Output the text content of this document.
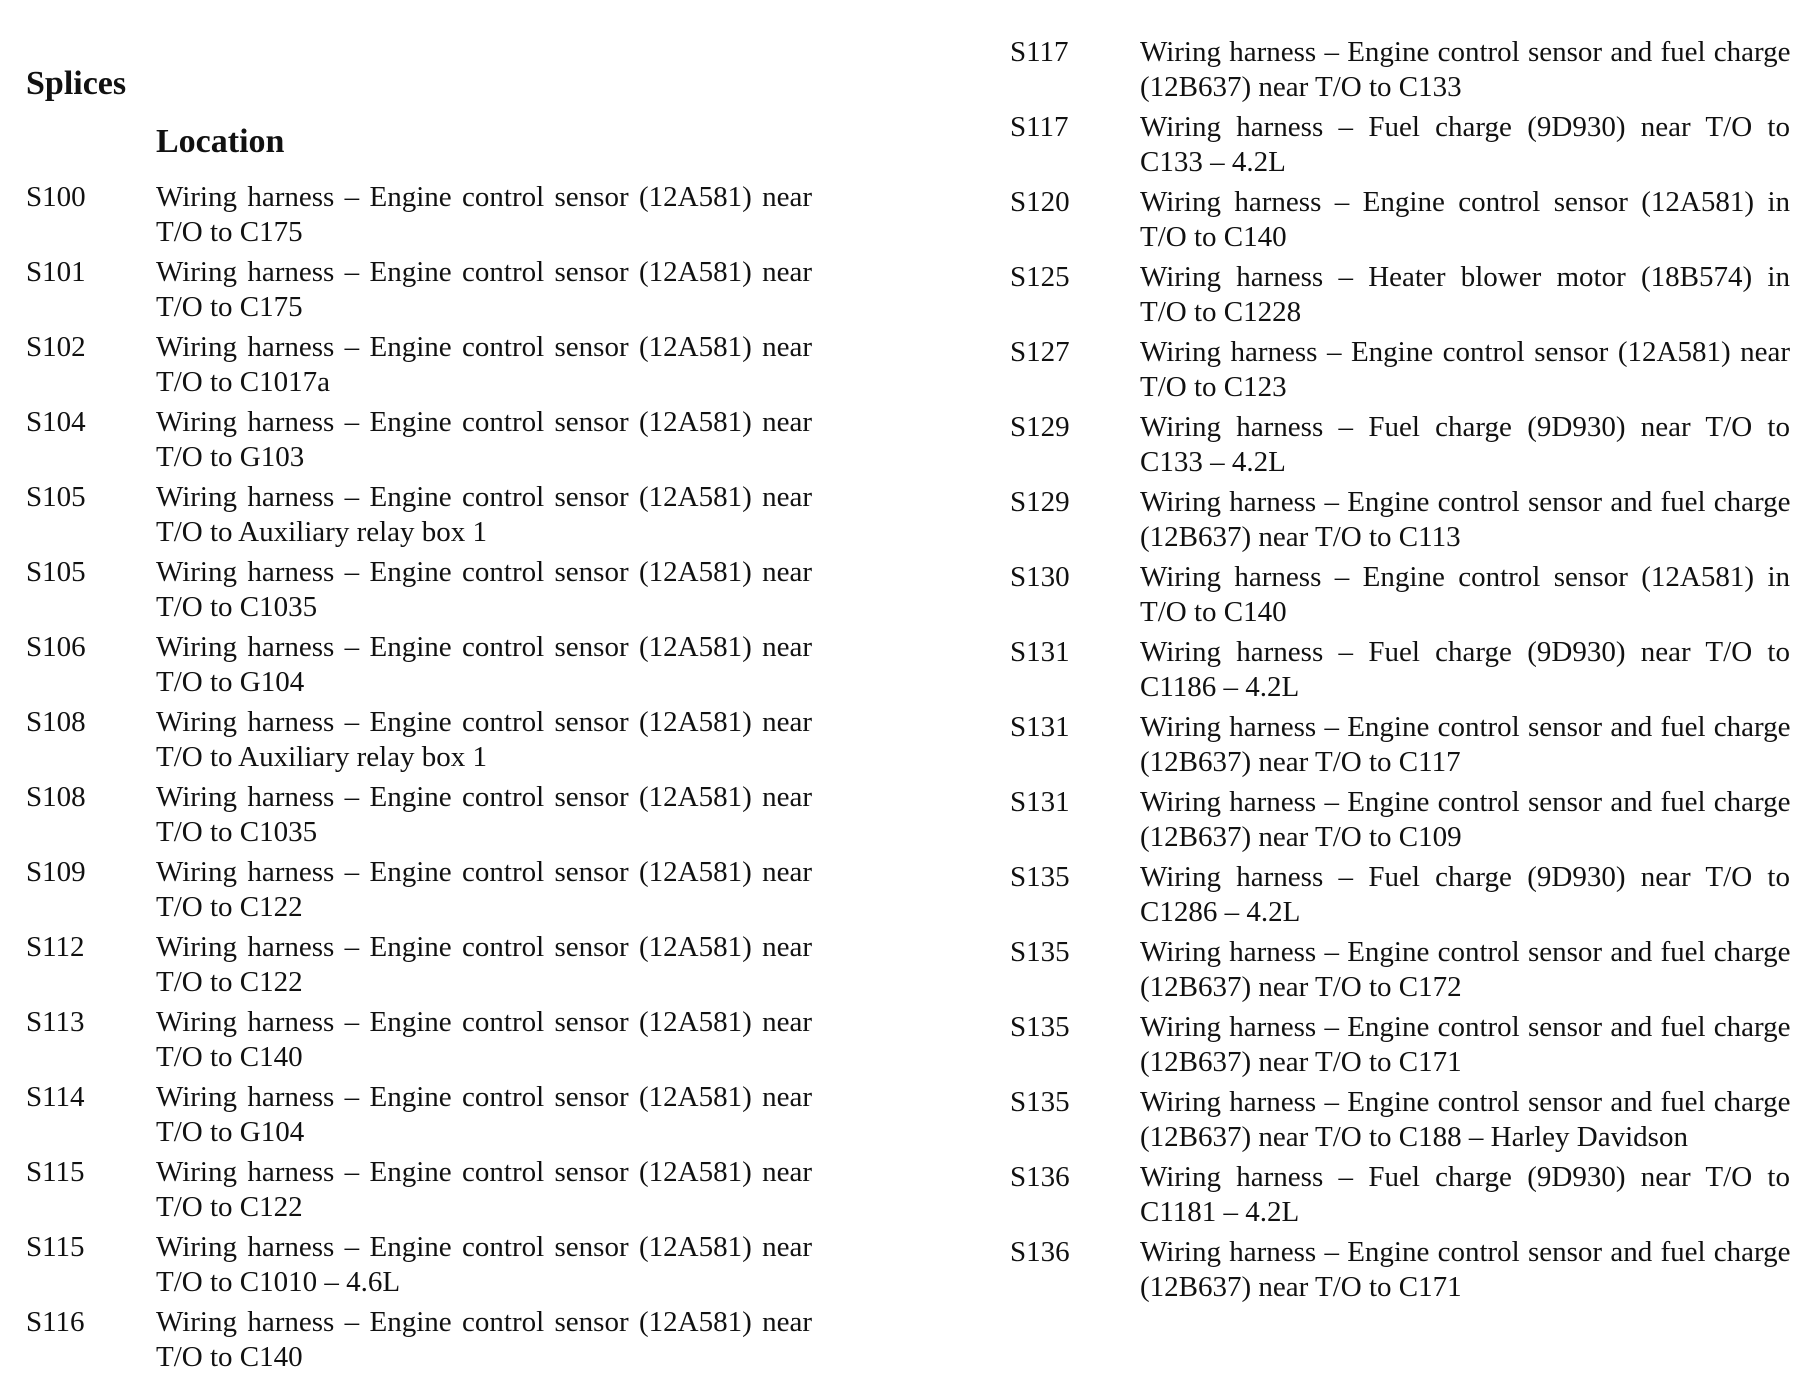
Splices
Location
S100	Wiring harness – Engine control sensor (12A581) near
T/O to C175
S101	Wiring harness – Engine control sensor (12A581) near
T/O to C175
S102	Wiring harness – Engine control sensor (12A581) near
T/O to C1017a
S104	Wiring harness – Engine control sensor (12A581) near
T/O to G103
S105	Wiring harness – Engine control sensor (12A581) near
T/O to Auxiliary relay box 1
S105	Wiring harness – Engine control sensor (12A581) near
T/O to C1035
S106	Wiring harness – Engine control sensor (12A581) near
T/O to G104
S108	Wiring harness – Engine control sensor (12A581) near
T/O to Auxiliary relay box 1
S108	Wiring harness – Engine control sensor (12A581) near
T/O to C1035
S109	Wiring harness – Engine control sensor (12A581) near
T/O to C122
S112	Wiring harness – Engine control sensor (12A581) near
T/O to C122
S113	Wiring harness – Engine control sensor (12A581) near
T/O to C140
S114	Wiring harness – Engine control sensor (12A581) near
T/O to G104
S115	Wiring harness – Engine control sensor (12A581) near
T/O to C122
S115	Wiring harness – Engine control sensor (12A581) near
T/O to C1010 – 4.6L
S116	Wiring harness – Engine control sensor (12A581) near
T/O to C140
S117	Wiring harness – Engine control sensor and fuel charge
(12B637) near T/O to C133
S117	Wiring harness – Fuel charge (9D930) near T/O to
C133 – 4.2L
S120	Wiring harness – Engine control sensor (12A581) in
T/O to C140
S125	Wiring harness – Heater blower motor (18B574) in
T/O to C1228
S127	Wiring harness – Engine control sensor (12A581) near
T/O to C123
S129	Wiring harness – Fuel charge (9D930) near T/O to
C133 – 4.2L
S129	Wiring harness – Engine control sensor and fuel charge
(12B637) near T/O to C113
S130	Wiring harness – Engine control sensor (12A581) in
T/O to C140
S131	Wiring harness – Fuel charge (9D930) near T/O to
C1186 – 4.2L
S131	Wiring harness – Engine control sensor and fuel charge
(12B637) near T/O to C117
S131	Wiring harness – Engine control sensor and fuel charge
(12B637) near T/O to C109
S135	Wiring harness – Fuel charge (9D930) near T/O to
C1286 – 4.2L
S135	Wiring harness – Engine control sensor and fuel charge
(12B637) near T/O to C172
S135	Wiring harness – Engine control sensor and fuel charge
(12B637) near T/O to C171
S135	Wiring harness – Engine control sensor and fuel charge
(12B637) near T/O to C188 – Harley Davidson
S136	Wiring harness – Fuel charge (9D930) near T/O to
C1181 – 4.2L
S136	Wiring harness – Engine control sensor and fuel charge
(12B637) near T/O to C171
